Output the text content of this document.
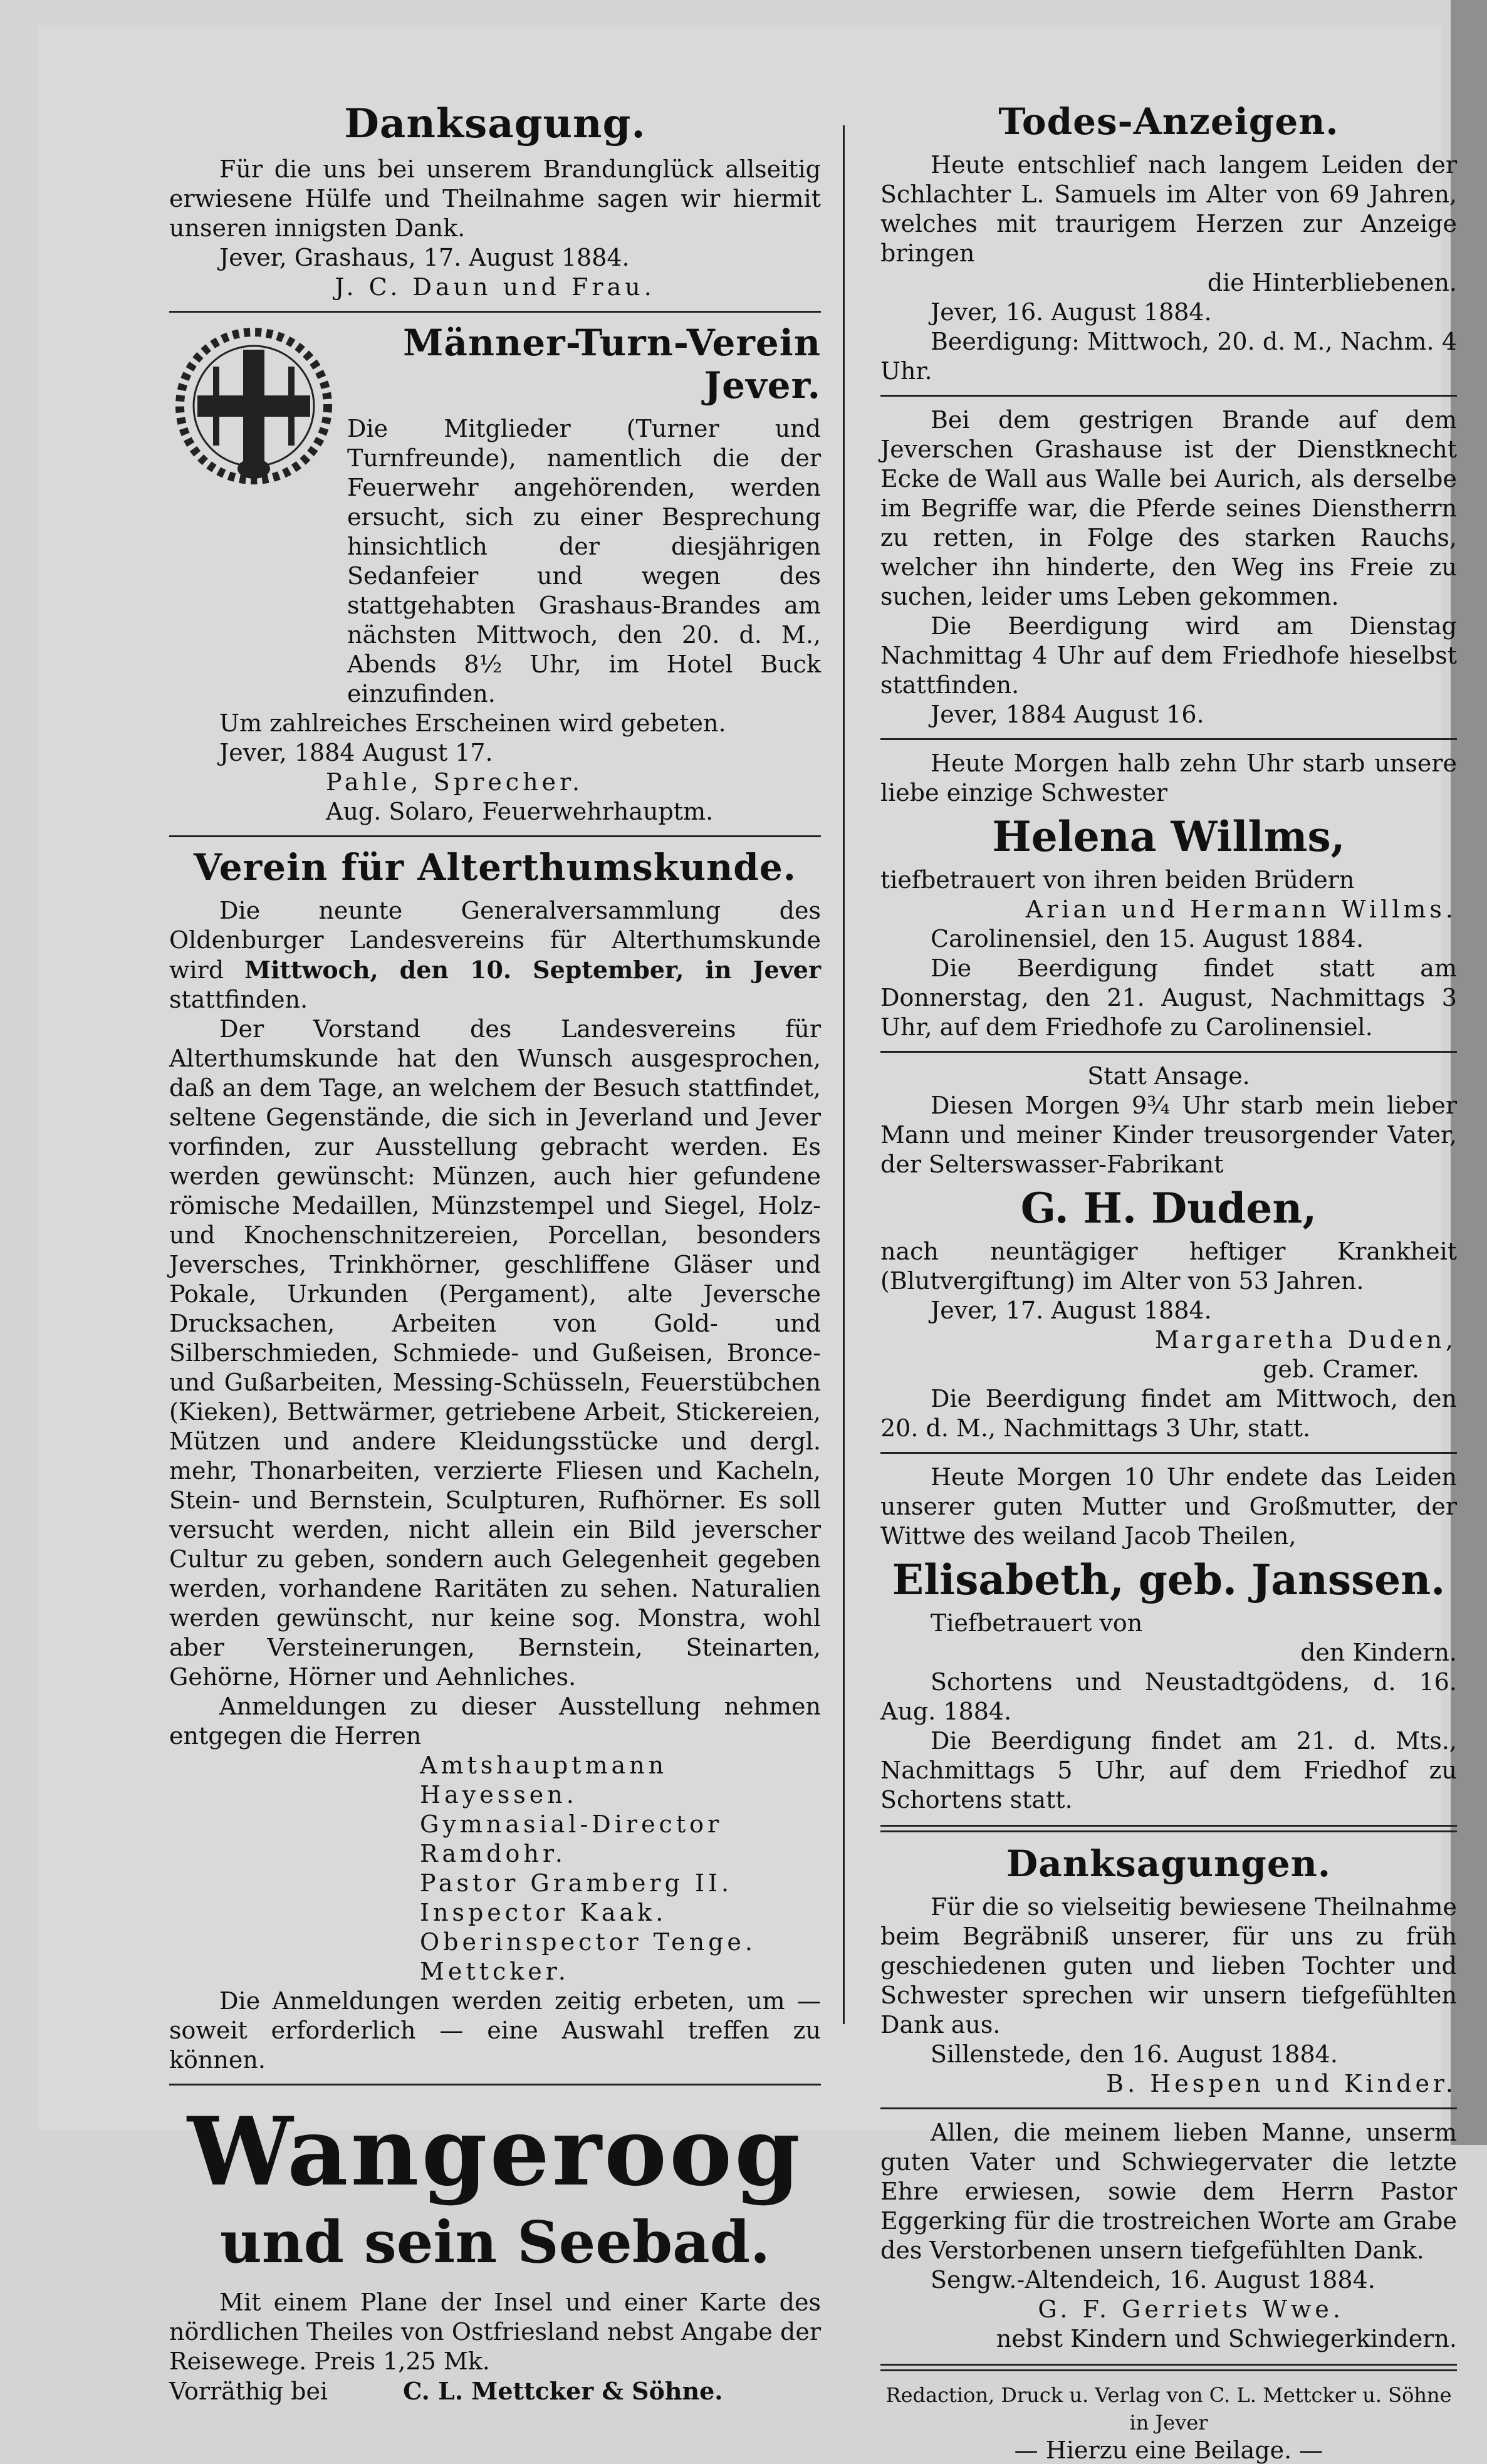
Danksagung.

Für die uns bei unserem Brandunglück allseitig erwiesene Hülfe und Theilnahme sagen wir hiermit unseren innigsten Dank.

Jever, Grashaus, 17. August 1884.

J. C. Daun und Frau.

Männer-Turn-Verein Jever.

Die Mitglieder (Turner und Turnfreunde), namentlich die der Feuerwehr angehörenden, werden ersucht, sich zu einer Besprechung hinsichtlich der diesjährigen Sedanfeier und wegen des stattgehabten Grashaus-Brandes am nächsten Mittwoch, den 20. d. M., Abends 8½ Uhr, im Hotel Buck einzufinden.

Um zahlreiches Erscheinen wird gebeten.

Jever, 1884 August 17.

Pahle, Sprecher.

Aug. Solaro, Feuerwehrhauptm.

Verein für Alterthumskunde.

Die neunte Generalversammlung des Oldenburger Landesvereins für Alterthumskunde wird Mittwoch, den 10. September, in Jever stattfinden.

Der Vorstand des Landesvereins für Alterthumskunde hat den Wunsch ausgesprochen, daß an dem Tage, an welchem der Besuch stattfindet, seltene Gegenstände, die sich in Jeverland und Jever vorfinden, zur Ausstellung gebracht werden. Es werden gewünscht: Münzen, auch hier gefundene römische Medaillen, Münzstempel und Siegel, Holz- und Knochenschnitzereien, Porcellan, besonders Jeversches, Trinkhörner, geschliffene Gläser und Pokale, Urkunden (Pergament), alte Jeversche Drucksachen, Arbeiten von Gold- und Silberschmieden, Schmiede- und Gußeisen, Bronce- und Gußarbeiten, Messing-Schüsseln, Feuerstübchen (Kieken), Bettwärmer, getriebene Arbeit, Stickereien, Mützen und andere Kleidungsstücke und dergl. mehr, Thonarbeiten, verzierte Fliesen und Kacheln, Stein- und Bernstein, Sculpturen, Rufhörner. Es soll versucht werden, nicht allein ein Bild jeverscher Cultur zu geben, sondern auch Gelegenheit gegeben werden, vorhandene Raritäten zu sehen. Naturalien werden gewünscht, nur keine sog. Monstra, wohl aber Versteinerungen, Bernstein, Steinarten, Gehörne, Hörner und Aehnliches.

Anmeldungen zu dieser Ausstellung nehmen entgegen die Herren

Amtshauptmann Hayessen.

Gymnasial-Director Ramdohr.

Pastor Gramberg II.

Inspector Kaak.

Oberinspector Tenge.

Mettcker.

Die Anmeldungen werden zeitig erbeten, um — soweit erforderlich — eine Auswahl treffen zu können.

Wangeroog
und sein Seebad.

Mit einem Plane der Insel und einer Karte des nördlichen Theiles von Ostfriesland nebst Angabe der Reisewege. Preis 1,25 Mk.

Vorräthig bei	C. L. Mettcker & Söhne.

Todes-Anzeigen.

Heute entschlief nach langem Leiden der Schlachter L. Samuels im Alter von 69 Jahren, welches mit traurigem Herzen zur Anzeige bringen

die Hinterbliebenen.

Jever, 16. August 1884.

Beerdigung: Mittwoch, 20. d. M., Nachm. 4 Uhr.

Bei dem gestrigen Brande auf dem Jeverschen Grashause ist der Dienstknecht Ecke de Wall aus Walle bei Aurich, als derselbe im Begriffe war, die Pferde seines Dienstherrn zu retten, in Folge des starken Rauchs, welcher ihn hinderte, den Weg ins Freie zu suchen, leider ums Leben gekommen.

Die Beerdigung wird am Dienstag Nachmittag 4 Uhr auf dem Friedhofe hieselbst stattfinden.

Jever, 1884 August 16.

Heute Morgen halb zehn Uhr starb unsere liebe einzige Schwester

Helena Willms,

tiefbetrauert von ihren beiden Brüdern

Arian und Hermann Willms.

Carolinensiel, den 15. August 1884.

Die Beerdigung findet statt am Donnerstag, den 21. August, Nachmittags 3 Uhr, auf dem Friedhofe zu Carolinensiel.

Statt Ansage.

Diesen Morgen 9¾ Uhr starb mein lieber Mann und meiner Kinder treusorgender Vater, der Selterswasser-Fabrikant

G. H. Duden,

nach neuntägiger heftiger Krankheit (Blutvergiftung) im Alter von 53 Jahren.

Jever, 17. August 1884.

Margaretha Duden,

geb. Cramer.

Die Beerdigung findet am Mittwoch, den 20. d. M., Nachmittags 3 Uhr, statt.

Heute Morgen 10 Uhr endete das Leiden unserer guten Mutter und Großmutter, der Wittwe des weiland Jacob Theilen,

Elisabeth, geb. Janssen.

Tiefbetrauert von

den Kindern.

Schortens und Neustadtgödens, d. 16. Aug. 1884.

Die Beerdigung findet am 21. d. Mts., Nachmittags 5 Uhr, auf dem Friedhof zu Schortens statt.

Danksagungen.

Für die so vielseitig bewiesene Theilnahme beim Begräbniß unserer, für uns zu früh geschiedenen guten und lieben Tochter und Schwester sprechen wir unsern tiefgefühlten Dank aus.

Sillenstede, den 16. August 1884.

B. Hespen und Kinder.

Allen, die meinem lieben Manne, unserm guten Vater und Schwiegervater die letzte Ehre erwiesen, sowie dem Herrn Pastor Eggerking für die trostreichen Worte am Grabe des Verstorbenen unsern tiefgefühlten Dank.

Sengw.-Altendeich, 16. August 1884.

G. F. Gerriets Wwe.

nebst Kindern und Schwiegerkindern.

Redaction, Druck u. Verlag von C. L. Mettcker u. Söhne in Jever
— Hierzu eine Beilage. —
